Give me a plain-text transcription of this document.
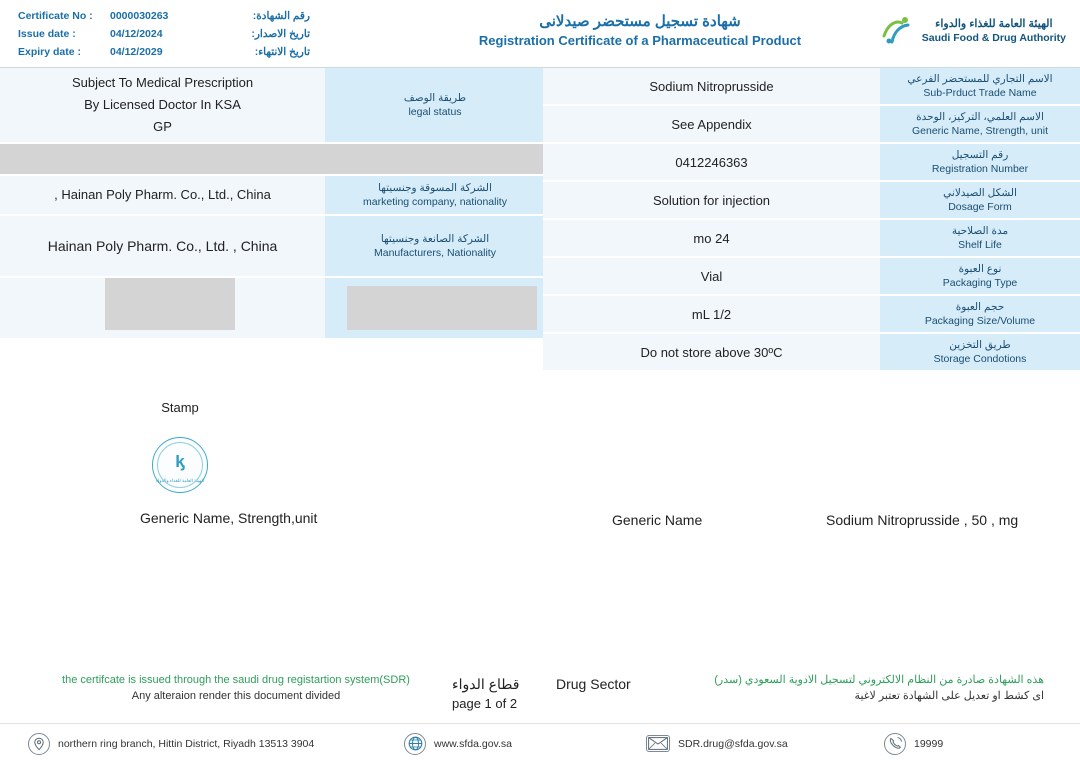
Certificate No :	0000030263	رقم الشهادة:
Issue date :	04/12/2024	تاريخ الاصدار:
Expiry date :	04/12/2029	تاريخ الانتهاء:
شهادة تسجيل مستحضر صيدلانى
Registration Certificate of a Pharmaceutical Product
الهيئة العامة للغذاء والدواء
Saudi Food & Drug Authority
Subject To Medical Prescription
By Licensed Doctor In KSA
GP
طريقة الوصف
legal status
, Hainan Poly Pharm. Co., Ltd., China	الشركة المسوقة وجنسيتها
marketing company, nationality
Hainan Poly Pharm. Co., Ltd. , China	الشركة الصانعة وجنسيتها
Manufacturers, Nationality
Sodium Nitroprusside	الاسم التجاري للمستحضر الفرعي
Sub-Prduct Trade Name
See Appendix	الاسم العلمي، التركيز، الوحدة
Generic Name, Strength, unit
0412246363	رقم التسجيل
Registration Number
Solution for injection	الشكل الصيدلاني
Dosage Form
mo 24	مدة الصلاحية
Shelf Life
Vial	نوع العبوة
Packaging Type
mL 1/2	حجم العبوة
Packaging Size/Volume
Do not store above 30ºC	طريق التخزين
Storage Condotions
Stamp
ᶄ
الهيئة العامة للغذاء والدواء
Generic Name, Strength,unit	Generic Name	Sodium Nitroprusside , 50 , mg
the certifcate is issued through the saudi drug registartion system(SDR)
Any alteraion render this document divided
قطاع الدواء
page 1 of 2
Drug Sector	هذه الشهادة صادرة من النظام الالكتروني لتسجيل الادوية السعودي (سدر)
اى كشط او تعديل على الشهادة تعتبر لاغية
northern ring branch, Hittin District, Riyadh 13513 3904	www.sfda.gov.sa	SDR.drug@sfda.gov.sa	19999
